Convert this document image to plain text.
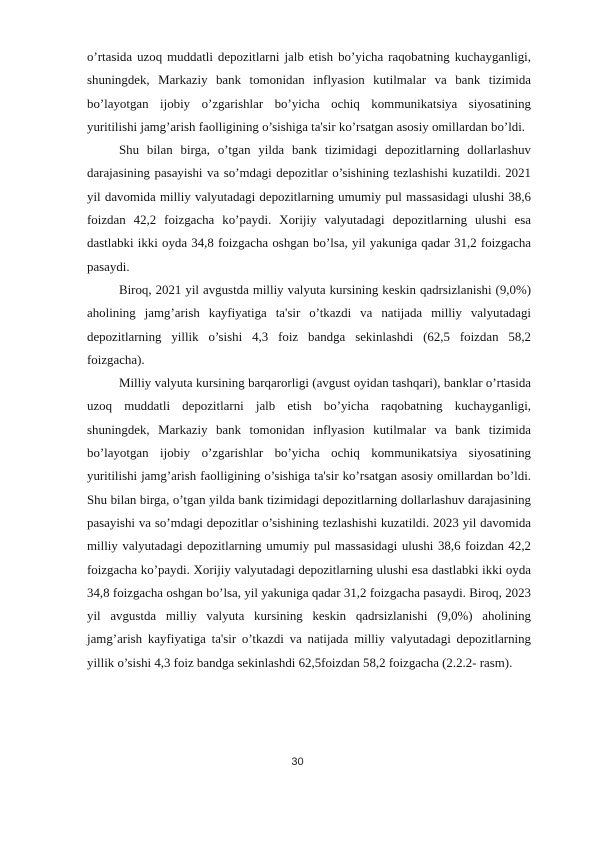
o’rtasida uzoq muddatli depozitlarni jalb etish bo’yicha raqobatning kuchayganligi, shuningdek, Markaziy bank tomonidan inflyasion kutilmalar va bank tizimida bo’layotgan ijobiy o’zgarishlar bo’yicha ochiq kommunikatsiya siyosatining yuritilishi jamg’arish faolligining o’sishiga ta'sir ko’rsatgan asosiy omillardan bo’ldi.

Shu bilan birga, o’tgan yilda bank tizimidagi depozitlarning dollarlashuv darajasining pasayishi va so’mdagi depozitlar o’sishining tezlashishi kuzatildi. 2021 yil davomida milliy valyutadagi depozitlarning umumiy pul massasidagi ulushi 38,6 foizdan 42,2 foizgacha ko’paydi. Xorijiy valyutadagi depozitlarning ulushi esa dastlabki ikki oyda 34,8 foizgacha oshgan bo’lsa, yil yakuniga qadar 31,2 foizgacha pasaydi.

Biroq, 2021 yil avgustda milliy valyuta kursining keskin qadrsizlanishi (9,0%) aholining jamg’arish kayfiyatiga ta'sir o’tkazdi va natijada milliy valyutadagi depozitlarning yillik o’sishi 4,3 foiz bandga sekinlashdi (62,5 foizdan 58,2 foizgacha).

Milliy valyuta kursining barqarorligi (avgust oyidan tashqari), banklar o’rtasida uzoq muddatli depozitlarni jalb etish bo’yicha raqobatning kuchayganligi, shuningdek, Markaziy bank tomonidan inflyasion kutilmalar va bank tizimida bo’layotgan ijobiy o’zgarishlar bo’yicha ochiq kommunikatsiya siyosatining yuritilishi jamg’arish faolligining o’sishiga ta'sir ko’rsatgan asosiy omillardan bo’ldi. Shu bilan birga, o’tgan yilda bank tizimidagi depozitlarning dollarlashuv darajasining pasayishi va so’mdagi depozitlar o’sishining tezlashishi kuzatildi. 2023 yil davomida milliy valyutadagi depozitlarning umumiy pul massasidagi ulushi 38,6 foizdan 42,2 foizgacha ko’paydi. Xorijiy valyutadagi depozitlarning ulushi esa dastlabki ikki oyda 34,8 foizgacha oshgan bo’lsa, yil yakuniga qadar 31,2 foizgacha pasaydi. Biroq, 2023 yil avgustda milliy valyuta kursining keskin qadrsizlanishi (9,0%) aholining jamg’arish kayfiyatiga ta'sir o’tkazdi va natijada milliy valyutadagi depozitlarning yillik o’sishi 4,3 foiz bandga sekinlashdi 62,5foizdan 58,2 foizgacha (2.2.2- rasm).

30
